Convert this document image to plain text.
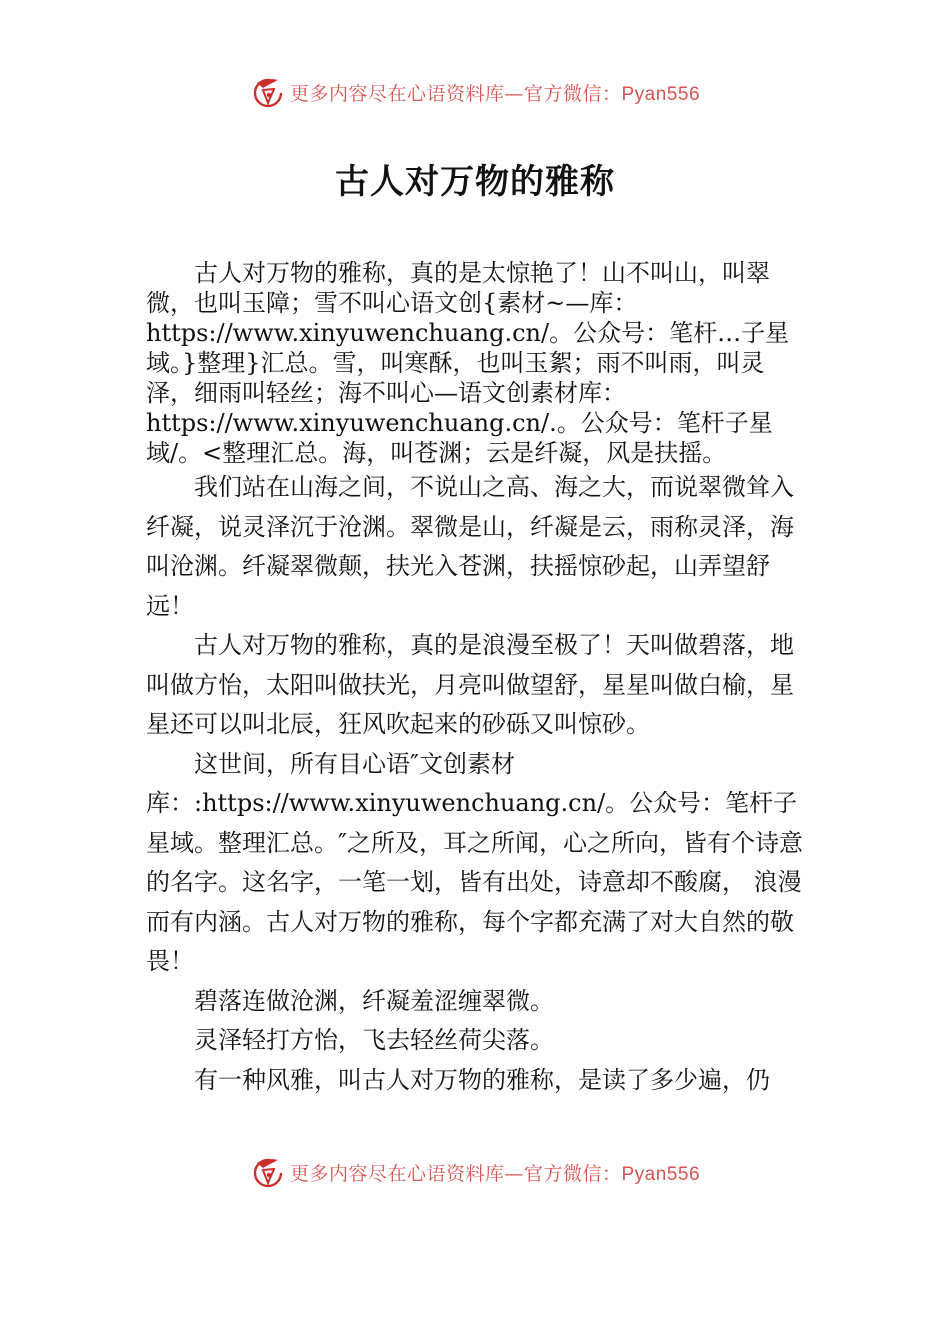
更多内容尽在心语资料库—官方微信：Pyan556
古人对万物的雅称

古人对万物的雅称，真的是太惊艳了！山不叫山，叫翠微，也叫玉障；雪不叫心语文创{素材~—库：https://www.xinyuwenchuang.cn/。公众号：笔杆…子星域。}整理}汇总。雪，叫寒酥，也叫玉絮；雨不叫雨，叫灵泽，细雨叫轻丝；海不叫心—语文创素材库：https://www.xinyuwenchuang.cn/.。公众号：笔杆子星域/。<整理汇总。海，叫苍渊；云是纤凝，风是扶摇。

我们站在山海之间，不说山之高、海之大，而说翠微耸入纤凝，说灵泽沉于沧渊。翠微是山，纤凝是云，雨称灵泽，海叫沧渊。纤凝翠微颠，扶光入苍渊，扶摇惊砂起，山弄望舒远！

古人对万物的雅称，真的是浪漫至极了！天叫做碧落，地叫做方怡，太阳叫做扶光，月亮叫做望舒，星星叫做白榆，星星还可以叫北辰，狂风吹起来的砂砾又叫惊砂。

这世间，所有目心语″文创素材库：:https://www.xinyuwenchuang.cn/。公众号：笔杆子星域。整理汇总。″之所及，耳之所闻，心之所向，皆有个诗意的名字。这名字，一笔一划，皆有出处，诗意却不酸腐， 浪漫而有内涵。古人对万物的雅称，每个字都充满了对大自然的敬畏！

碧落连做沧渊，纤凝羞涩缠翠微。

灵泽轻打方怡，飞去轻丝荷尖落。

有一种风雅，叫古人对万物的雅称，是读了多少遍，仍

更多内容尽在心语资料库—官方微信：Pyan556
